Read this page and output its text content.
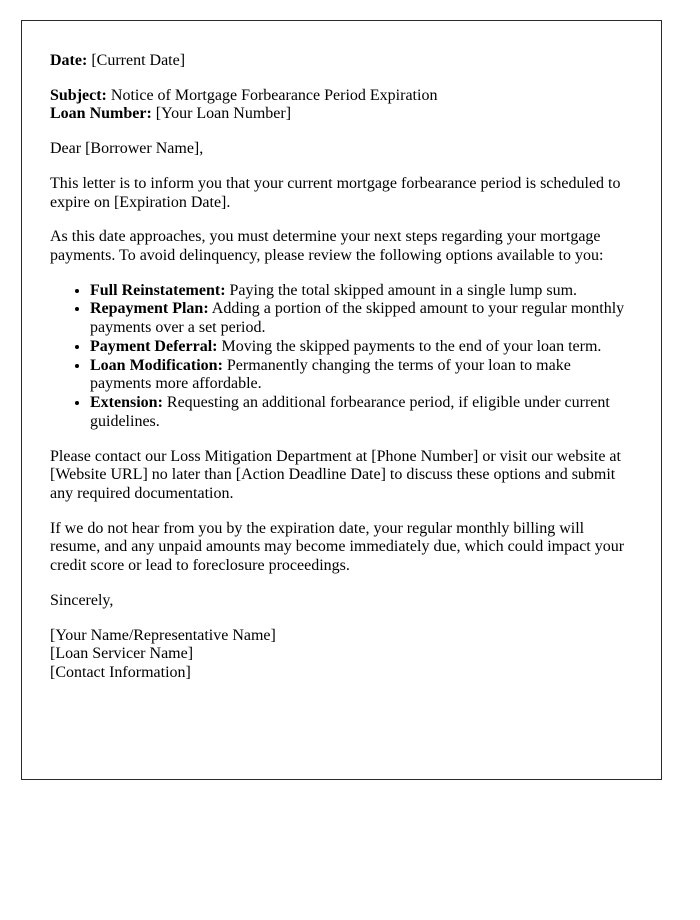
Date: [Current Date]

Subject: Notice of Mortgage Forbearance Period Expiration
Loan Number: [Your Loan Number]

Dear [Borrower Name],

This letter is to inform you that your current mortgage forbearance period is scheduled to expire on [Expiration Date].

As this date approaches, you must determine your next steps regarding your mortgage payments. To avoid delinquency, please review the following options available to you:

• Full Reinstatement: Paying the total skipped amount in a single lump sum.
• Repayment Plan: Adding a portion of the skipped amount to your regular monthly payments over a set period.
• Payment Deferral: Moving the skipped payments to the end of your loan term.
• Loan Modification: Permanently changing the terms of your loan to make payments more affordable.
• Extension: Requesting an additional forbearance period, if eligible under current guidelines.

Please contact our Loss Mitigation Department at [Phone Number] or visit our website at [Website URL] no later than [Action Deadline Date] to discuss these options and submit any required documentation.

If we do not hear from you by the expiration date, your regular monthly billing will resume, and any unpaid amounts may become immediately due, which could impact your credit score or lead to foreclosure proceedings.

Sincerely,

[Your Name/Representative Name]
[Loan Servicer Name]
[Contact Information]
